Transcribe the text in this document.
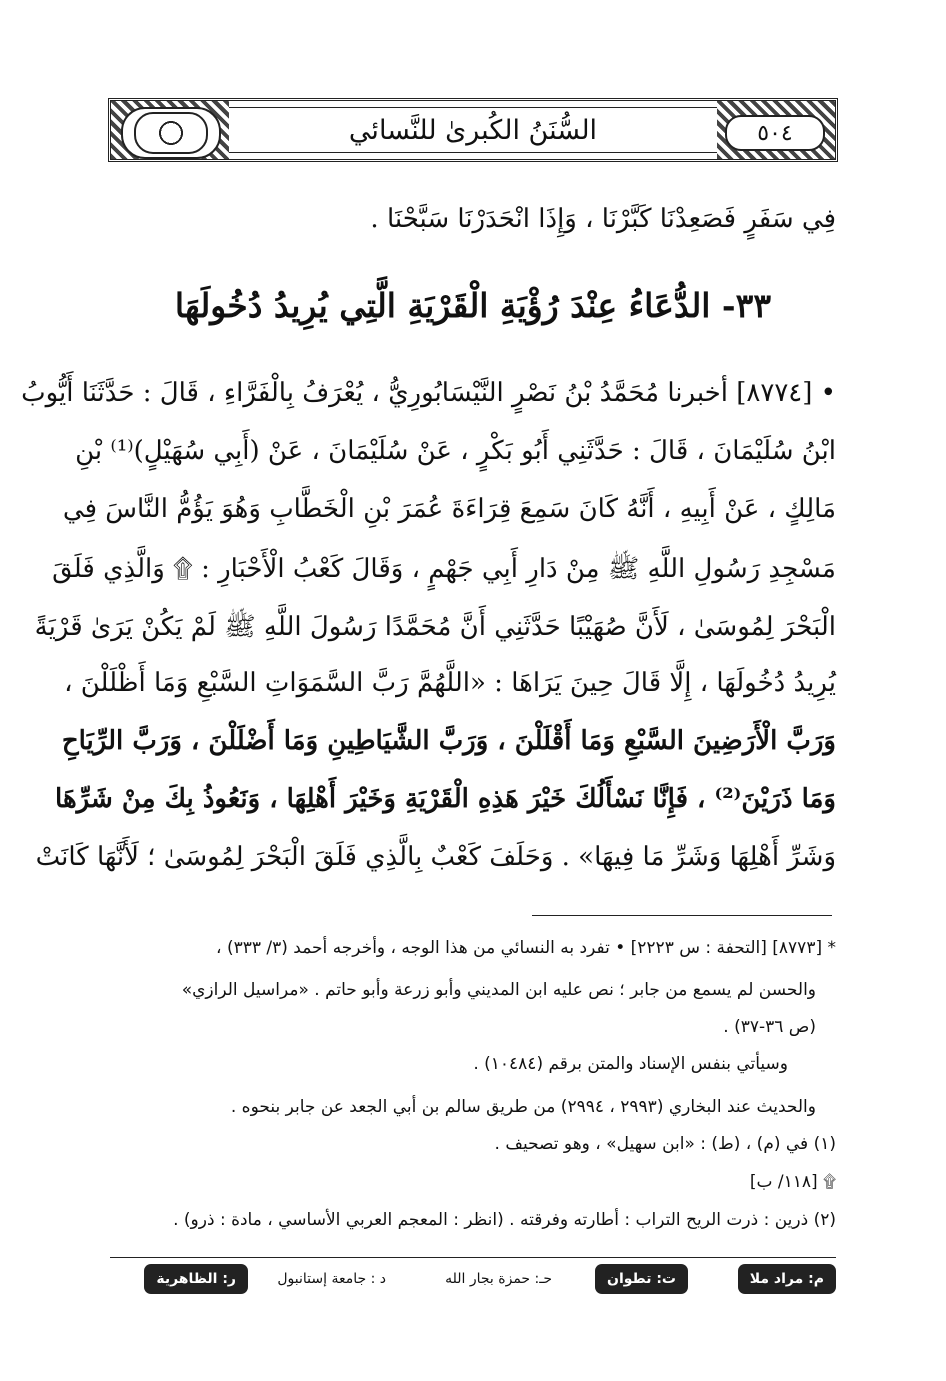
السُّنَنُ الكُبرىٰ للنَّسائي	٥٠٤
فِي سَفَرٍ فَصَعِدْنَا كَبَّرْنَا ، وَإِذَا انْحَدَرْنَا سَبَّحْنَا .
٣٣- الدُّعَاءُ عِنْدَ رُؤْيَةِ الْقَرْيَةِ الَّتِي يُرِيدُ دُخُولَهَا
• [٨٧٧٤] أخبرنا مُحَمَّدُ بْنُ نَصْرٍ النَّيْسَابُورِيُّ ، يُعْرَفُ بِالْفَرَّاءِ ، قَالَ : حَدَّثَنَا أَيُّوبُ
ابْنُ سُلَيْمَانَ ، قَالَ : حَدَّثَنِي أَبُو بَكْرٍ ، عَنْ سُلَيْمَانَ ، عَنْ (أَبِي سُهَيْلٍ)⁽¹⁾ بْنِ
مَالِكٍ ، عَنْ أَبِيهِ ، أَنَّهُ كَانَ سَمِعَ قِرَاءَةَ عُمَرَ بْنِ الْخَطَّابِ وَهُوَ يَؤُمُّ النَّاسَ فِي
مَسْجِدِ رَسُولِ اللَّهِ ﷺ مِنْ دَارِ أَبِي جَهْمٍ ، وَقَالَ كَعْبُ الْأَحْبَارِ : ۩ وَالَّذِي فَلَقَ
الْبَحْرَ لِمُوسَىٰ ، لَأَنَّ صُهَيْبًا حَدَّثَنِي أَنَّ مُحَمَّدًا رَسُولَ اللَّهِ ﷺ لَمْ يَكُنْ يَرَىٰ قَرْيَةً
يُرِيدُ دُخُولَهَا ، إِلَّا قَالَ حِينَ يَرَاهَا : «اللَّهُمَّ رَبَّ السَّمَوَاتِ السَّبْعِ وَمَا أَظْلَلْنَ ،
وَرَبَّ الْأَرَضِينَ السَّبْعِ وَمَا أَقْلَلْنَ ، وَرَبَّ الشَّيَاطِينِ وَمَا أَضْلَلْنَ ، وَرَبَّ الرِّيَاحِ
وَمَا ذَرَيْنَ⁽²⁾ ، فَإِنَّا نَسْأَلُكَ خَيْرَ هَذِهِ الْقَرْيَةِ وَخَيْرَ أَهْلِهَا ، وَنَعُوذُ بِكَ مِنْ شَرِّهَا
وَشَرِّ أَهْلِهَا وَشَرِّ مَا فِيهَا» . وَحَلَفَ كَعْبٌ بِالَّذِي فَلَقَ الْبَحْرَ لِمُوسَىٰ ؛ لَأَنَّهَا كَانَتْ
* [٨٧٧٣] [التحفة : س ٢٢٢٣] • تفرد به النسائي من هذا الوجه ، وأخرجه أحمد (٣/ ٣٣٣) ،
والحسن لم يسمع من جابر ؛ نص عليه ابن المديني وأبو زرعة وأبو حاتم . «مراسيل الرازي»
(ص ٣٦-٣٧) .
وسيأتي بنفس الإسناد والمتن برقم (١٠٤٨٤) .
والحديث عند البخاري (٢٩٩٣ ، ٢٩٩٤) من طريق سالم بن أبي الجعد عن جابر بنحوه .
(١) في (م) ، (ط) : «ابن سهيل» ، وهو تصحيف .
۩ [١١٨/ ب]
(٢) ذرين : ذرت الريح التراب : أطارته وفرقته . (انظر : المعجم العربي الأساسي ، مادة : ذرو) .
م: مراد ملا
ت: تطوان
حـ: حمزة بجار الله
د : جامعة إستانبول
ر: الظاهرية
